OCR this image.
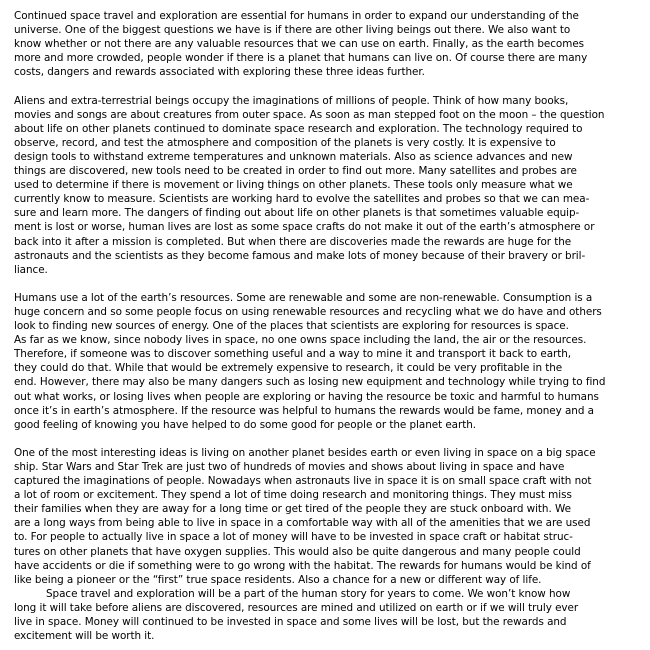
Continued space travel and exploration are essential for humans in order to expand our understanding of the
universe. One of the biggest questions we have is if there are other living beings out there. We also want to
know whether or not there are any valuable resources that we can use on earth. Finally, as the earth becomes
more and more crowded, people wonder if there is a planet that humans can live on. Of course there are many
costs, dangers and rewards associated with exploring these three ideas further.

Aliens and extra-terrestrial beings occupy the imaginations of millions of people. Think of how many books,
movies and songs are about creatures from outer space. As soon as man stepped foot on the moon – the question
about life on other planets continued to dominate space research and exploration. The technology required to
observe, record, and test the atmosphere and composition of the planets is very costly. It is expensive to
design tools to withstand extreme temperatures and unknown materials. Also as science advances and new
things are discovered, new tools need to be created in order to find out more. Many satellites and probes are
used to determine if there is movement or living things on other planets. These tools only measure what we
currently know to measure. Scientists are working hard to evolve the satellites and probes so that we can mea-
sure and learn more. The dangers of finding out about life on other planets is that sometimes valuable equip-
ment is lost or worse, human lives are lost as some space crafts do not make it out of the earth’s atmosphere or
back into it after a mission is completed. But when there are discoveries made the rewards are huge for the
astronauts and the scientists as they become famous and make lots of money because of their bravery or bril-
liance.

Humans use a lot of the earth’s resources. Some are renewable and some are non-renewable. Consumption is a
huge concern and so some people focus on using renewable resources and recycling what we do have and others
look to finding new sources of energy. One of the places that scientists are exploring for resources is space.
As far as we know, since nobody lives in space, no one owns space including the land, the air or the resources.
Therefore, if someone was to discover something useful and a way to mine it and transport it back to earth,
they could do that. While that would be extremely expensive to research, it could be very profitable in the
end. However, there may also be many dangers such as losing new equipment and technology while trying to find
out what works, or losing lives when people are exploring or having the resource be toxic and harmful to humans
once it’s in earth’s atmosphere. If the resource was helpful to humans the rewards would be fame, money and a
good feeling of knowing you have helped to do some good for people or the planet earth.

One of the most interesting ideas is living on another planet besides earth or even living in space on a big space
ship. Star Wars and Star Trek are just two of hundreds of movies and shows about living in space and have
captured the imaginations of people. Nowadays when astronauts live in space it is on small space craft with not
a lot of room or excitement. They spend a lot of time doing research and monitoring things. They must miss
their families when they are away for a long time or get tired of the people they are stuck onboard with. We
are a long ways from being able to live in space in a comfortable way with all of the amenities that we are used
to. For people to actually live in space a lot of money will have to be invested in space craft or habitat struc-
tures on other planets that have oxygen supplies. This would also be quite dangerous and many people could
have accidents or die if something were to go wrong with the habitat. The rewards for humans would be kind of
like being a pioneer or the “first” true space residents. Also a chance for a new or different way of life.

Space travel and exploration will be a part of the human story for years to come. We won’t know how
long it will take before aliens are discovered, resources are mined and utilized on earth or if we will truly ever
live in space. Money will continued to be invested in space and some lives will be lost, but the rewards and
excitement will be worth it.
